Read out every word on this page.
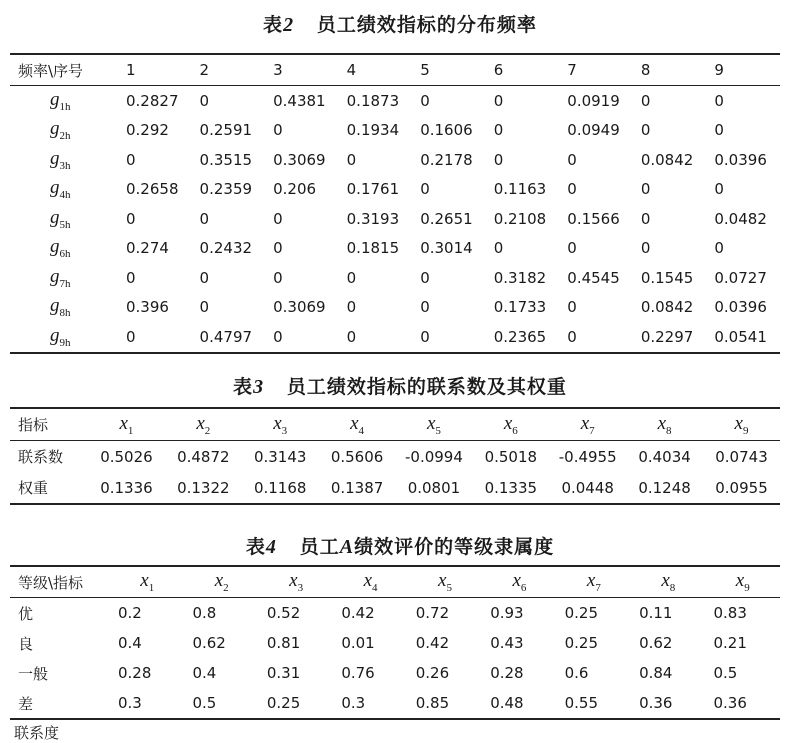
表2 员工绩效指标的分布频率
频率\序号	1	2	3	4	5	6	7	8	9
$g_{1h}$	0.2827	0	0.4381	0.1873	0	0	0.0919	0	0
$g_{2h}$	0.292	0.2591	0	0.1934	0.1606	0	0.0949	0	0
$g_{3h}$	0	0.3515	0.3069	0	0.2178	0	0	0.0842	0.0396
$g_{4h}$	0.2658	0.2359	0.206	0.1761	0	0.1163	0	0	0
$g_{5h}$	0	0	0	0.3193	0.2651	0.2108	0.1566	0	0.0482
$g_{6h}$	0.274	0.2432	0	0.1815	0.3014	0	0	0	0
$g_{7h}$	0	0	0	0	0	0.3182	0.4545	0.1545	0.0727
$g_{8h}$	0.396	0	0.3069	0	0	0.1733	0	0.0842	0.0396
$g_{9h}$	0	0.4797	0	0	0	0.2365	0	0.2297	0.0541
表3 员工绩效指标的联系数及其权重
指标	$x_1$	$x_2$	$x_3$	$x_4$	$x_5$	$x_6$	$x_7$	$x_8$	$x_9$
联系数	0.5026	0.4872	0.3143	0.5606	-0.0994	0.5018	-0.4955	0.4034	0.0743
权重	0.1336	0.1322	0.1168	0.1387	0.0801	0.1335	0.0448	0.1248	0.0955
表4 员工A绩效评价的等级隶属度
等级\指标	$x_1$	$x_2$	$x_3$	$x_4$	$x_5$	$x_6$	$x_7$	$x_8$	$x_9$
优	0.2	0.8	0.52	0.42	0.72	0.93	0.25	0.11	0.83
良	0.4	0.62	0.81	0.01	0.42	0.43	0.25	0.62	0.21
一般	0.28	0.4	0.31	0.76	0.26	0.28	0.6	0.84	0.5
差	0.3	0.5	0.25	0.3	0.85	0.48	0.55	0.36	0.36
联系度
